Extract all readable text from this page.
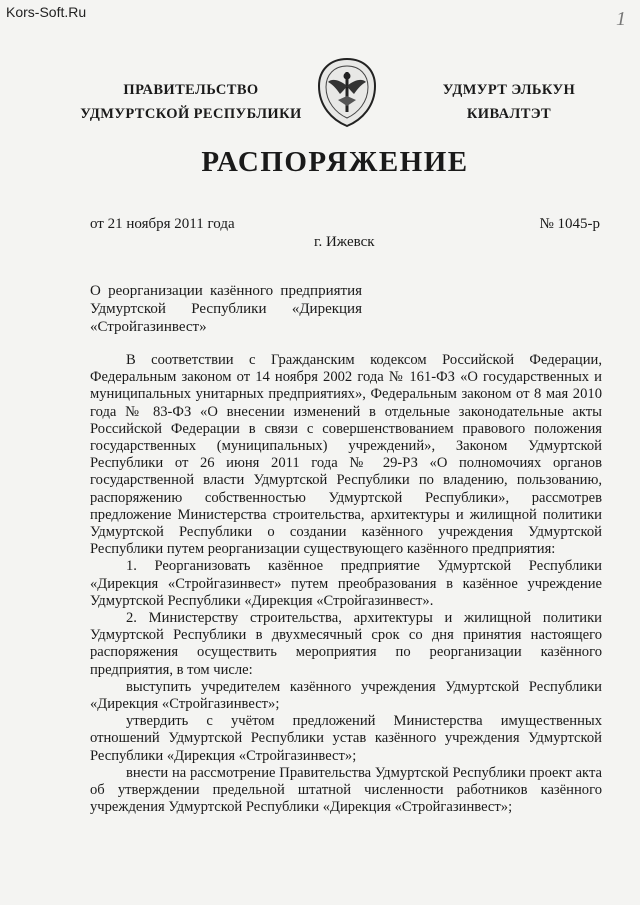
Kors-Soft.Ru	1
ПРАВИТЕЛЬСТВО
УДМУРТСКОЙ РЕСПУБЛИКИ
УДМУРТ ЭЛЬКУН
КИВАЛТЭТ
РАСПОРЯЖЕНИЕ
от 21 ноября 2011 года	№ 1045-р
г. Ижевск
О реорганизации казённого предприятия Удмуртской Республики «Дирекция «Стройгазинвест»

В соответствии с Гражданским кодексом Российской Федерации, Федеральным законом от 14 ноября 2002 года № 161-ФЗ «О государственных и муниципальных унитарных предприятиях», Федеральным законом от 8 мая 2010 года № 83-ФЗ «О внесении изменений в отдельные законодательные акты Российской Федерации в связи с совершенствованием правового положения государственных (муниципальных) учреждений», Законом Удмуртской Республики от 26 июня 2011 года № 29-РЗ «О полномочиях органов государственной власти Удмуртской Республики по владению, пользованию, распоряжению собственностью Удмуртской Республики», рассмотрев предложение Министерства строительства, архитектуры и жилищной политики Удмуртской Республики о создании казённого учреждения Удмуртской Республики путем реорганизации существующего казённого предприятия:

1. Реорганизовать казённое предприятие Удмуртской Республики «Дирекция «Стройгазинвест» путем преобразования в казённое учреждение Удмуртской Республики «Дирекция «Стройгазинвест».

2. Министерству строительства, архитектуры и жилищной политики Удмуртской Республики в двухмесячный срок со дня принятия настоящего распоряжения осуществить мероприятия по реорганизации казённого предприятия, в том числе:

выступить учредителем казённого учреждения Удмуртской Республики «Дирекция «Стройгазинвест»;

утвердить с учётом предложений Министерства имущественных отношений Удмуртской Республики устав казённого учреждения Удмуртской Республики «Дирекция «Стройгазинвест»;

внести на рассмотрение Правительства Удмуртской Республики проект акта об утверждении предельной штатной численности работников казённого учреждения Удмуртской Республики «Дирекция «Стройгазинвест»;
